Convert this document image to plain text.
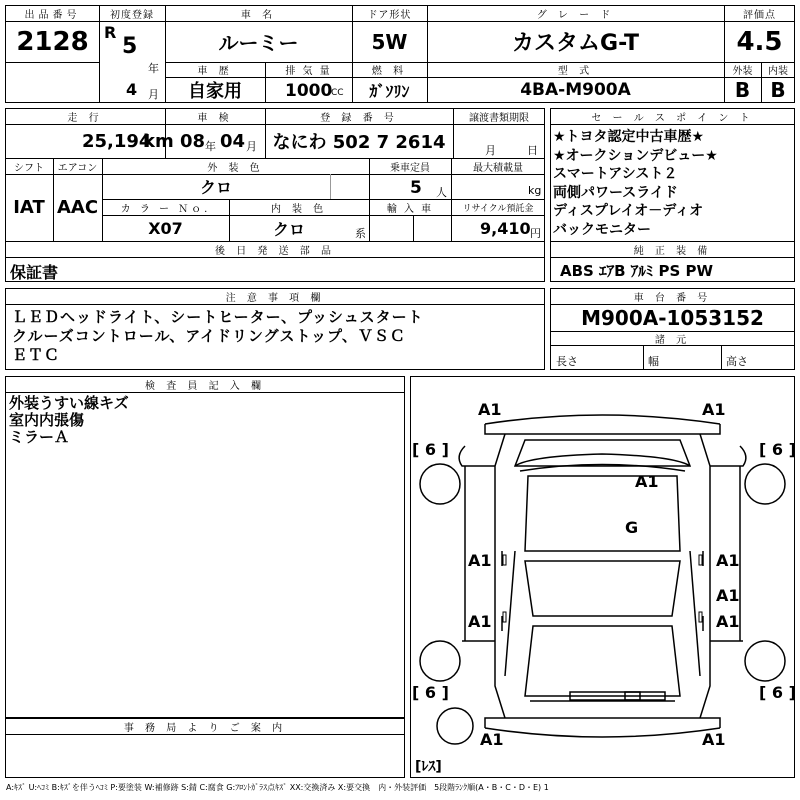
出品番号
2128
初度登録
R
5
年
4 月
車 名
ルーミー
ドア形状
5W
グ レ ー ド
カスタムG-T
評価点
4.5
車 歴
自家用
排 気 量
1000
CC
燃 料
ｶﾞｿﾘﾝ
型 式
4BA-M900A
外装	内装
B	B
走 行
25,194
km
車 検
08 年 04 月
登 録 番 号
なにわ 502 7 2614
譲渡書類期限
月	日
シフト
IAT
エアコン
AAC
外 装 色
クロ
乗車定員
5 人
最大積載量
kg
カ ラ ー Ｎｏ.
X07
内 装 色
クロ	系
輸 入 車	リサイクル預託金
9,410 円
後 日 発 送 部 品
保証書
セ ー ル ス ポ イ ン ト
★トヨタ認定中古車歴★
★オークションデビュー★
スマートアシスト２
両側パワースライド
ディスプレイオ－ディオ
バックモニター
純 正 装 備
ABS ｴｱB ｱﾙﾐ PS PW
注 意 事 項 欄
ＬＥＤヘッドライト、シートヒーター、プッシュスタート
クルーズコントロール、アイドリングストップ、ＶＳＣ
ＥＴＣ
車 台 番 号
M900A-1053152
諸 元
長さ	幅	高さ
検 査 員 記 入 欄
外装うすい線キズ
室内内張傷
ミラーＡ
事 務 局 よ り ご 案 内
A1	A1
A1
G
A1	A1
A1
A1	A1
A1	A1
[ 6 ]	[ 6 ]
[ 6 ]	[ 6 ]
[ﾚｽ]
A:ｷｽﾞ U:ﾍｺﾐ B:ｷｽﾞを伴うﾍｺﾐ P:要塗装 W:補修跡 S:錆 C:腐食 G:ﾌﾛﾝﾄｶﾞﾗｽ点ｷｽﾞ XX:交換済み X:要交換　内・外装評価　5段階ﾗﾝｸ順(A・B・C・D・E) 1
